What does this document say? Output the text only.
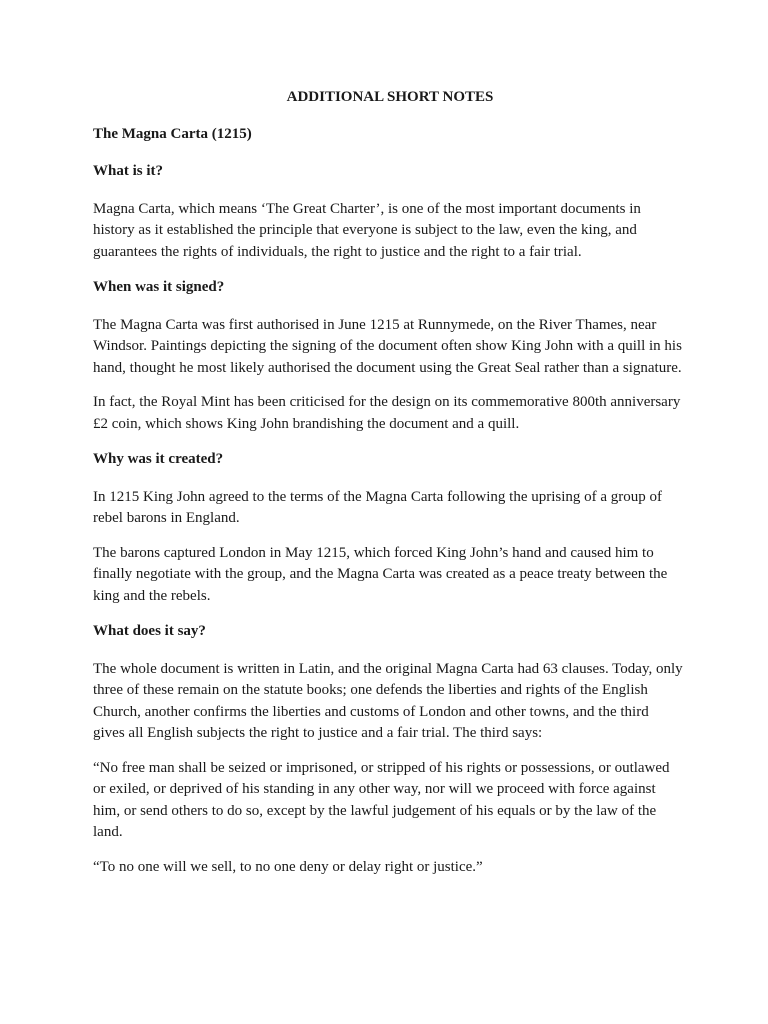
ADDITIONAL SHORT NOTES

The Magna Carta (1215)

What is it?

Magna Carta, which means ‘The Great Charter’, is one of the most important documents in history as it established the principle that everyone is subject to the law, even the king, and guarantees the rights of individuals, the right to justice and the right to a fair trial.

When was it signed?

The Magna Carta was first authorised in June 1215 at Runnymede, on the River Thames, near Windsor. Paintings depicting the signing of the document often show King John with a quill in his hand, thought he most likely authorised the document using the Great Seal rather than a signature.

In fact, the Royal Mint has been criticised for the design on its commemorative 800th anniversary £2 coin, which shows King John brandishing the document and a quill.

Why was it created?

In 1215 King John agreed to the terms of the Magna Carta following the uprising of a group of rebel barons in England.

The barons captured London in May 1215, which forced King John’s hand and caused him to finally negotiate with the group, and the Magna Carta was created as a peace treaty between the king and the rebels.

What does it say?

The whole document is written in Latin, and the original Magna Carta had 63 clauses. Today, only three of these remain on the statute books; one defends the liberties and rights of the English Church, another confirms the liberties and customs of London and other towns, and the third gives all English subjects the right to justice and a fair trial. The third says:

“No free man shall be seized or imprisoned, or stripped of his rights or possessions, or outlawed or exiled, or deprived of his standing in any other way, nor will we proceed with force against him, or send others to do so, except by the lawful judgement of his equals or by the law of the land.

“To no one will we sell, to no one deny or delay right or justice.”
